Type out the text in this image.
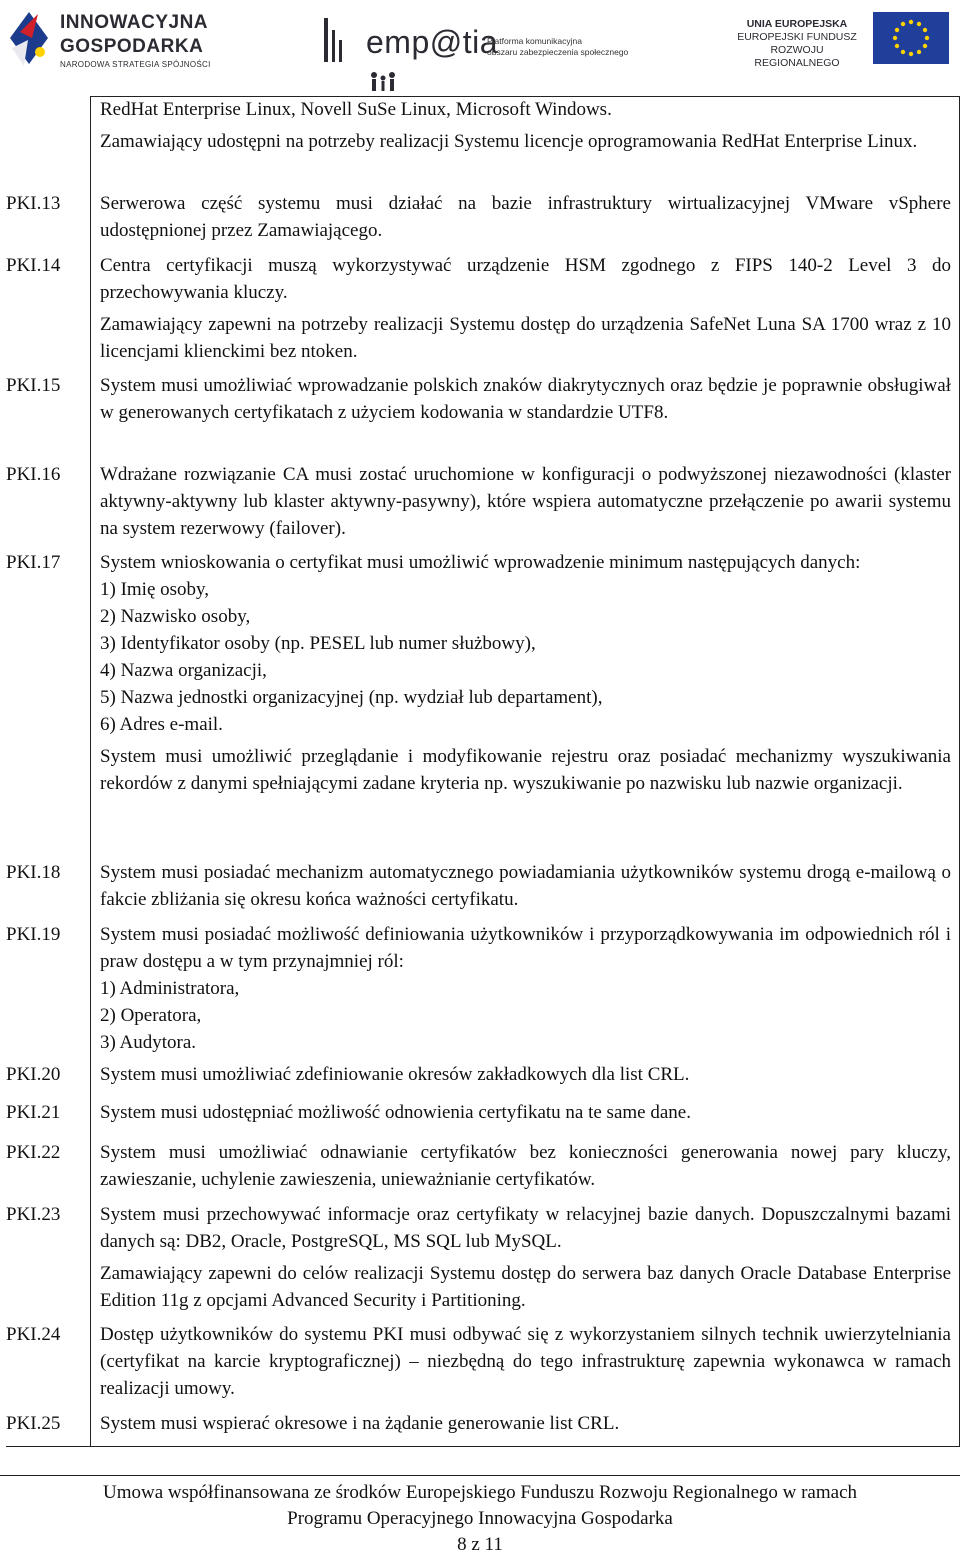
INNOWACYJNA
GOSPODARKA
NARODOWA STRATEGIA SPÓJNOŚCI
emp@tia
Platforma komunikacyjna
obszaru zabezpieczenia społecznego
UNIA EUROPEJSKA
EUROPEJSKI FUNDUSZ
ROZWOJU REGIONALNEGO

RedHat Enterprise Linux, Novell SuSe Linux, Microsoft Windows.

Zamawiający udostępni na potrzeby realizacji Systemu licencje oprogramowania RedHat Enterprise Linux.

PKI.13	Serwerowa część systemu musi działać na bazie infrastruktury wirtualizacyjnej VMware vSphere udostępnionej przez Zamawiającego.

PKI.14	Centra certyfikacji muszą wykorzystywać urządzenie HSM zgodnego z FIPS 140-2 Level 3 do przechowywania kluczy.

Zamawiający zapewni na potrzeby realizacji Systemu dostęp do urządzenia SafeNet Luna SA 1700 wraz z 10 licencjami klienckimi bez ntoken.

PKI.15	System musi umożliwiać wprowadzanie polskich znaków diakrytycznych oraz będzie je poprawnie obsługiwał w generowanych certyfikatach z użyciem kodowania w standardzie UTF8.

PKI.16	Wdrażane rozwiązanie CA musi zostać uruchomione w konfiguracji o podwyższonej niezawodności (klaster aktywny-aktywny lub klaster aktywny-pasywny), które wspiera automatyczne przełączenie po awarii systemu na system rezerwowy (failover).

PKI.17	System wnioskowania o certyfikat musi umożliwić wprowadzenie minimum następujących danych:

1) Imię osoby,
2) Nazwisko osoby,
3) Identyfikator osoby (np. PESEL lub numer służbowy),
4) Nazwa organizacji,
5) Nazwa jednostki organizacyjnej (np. wydział lub departament),
6) Adres e-mail.

System musi umożliwić przeglądanie i modyfikowanie rejestru oraz posiadać mechanizmy wyszukiwania rekordów z danymi spełniającymi zadane kryteria np. wyszukiwanie po nazwisku lub nazwie organizacji.

PKI.18	System musi posiadać mechanizm automatycznego powiadamiania użytkowników systemu drogą e-mailową o fakcie zbliżania się okresu końca ważności certyfikatu.

PKI.19	System musi posiadać możliwość definiowania użytkowników i przyporządkowywania im odpowiednich ról i praw dostępu a w tym przynajmniej ról:

1) Administratora,
2) Operatora,
3) Audytora.
PKI.20	System musi umożliwiać zdefiniowanie okresów zakładkowych dla list CRL.

PKI.21	System musi udostępniać możliwość odnowienia certyfikatu na te same dane.

PKI.22	System musi umożliwiać odnawianie certyfikatów bez konieczności generowania nowej pary kluczy, zawieszanie, uchylenie zawieszenia, unieważnianie certyfikatów.

PKI.23	System musi przechowywać informacje oraz certyfikaty w relacyjnej bazie danych. Dopuszczalnymi bazami danych są: DB2, Oracle, PostgreSQL, MS SQL lub MySQL.

Zamawiający zapewni do celów realizacji Systemu dostęp do serwera baz danych Oracle Database Enterprise Edition 11g z opcjami Advanced Security i Partitioning.

PKI.24	Dostęp użytkowników do systemu PKI musi odbywać się z wykorzystaniem silnych technik uwierzytelniania (certyfikat na karcie kryptograficznej) – niezbędną do tego infrastrukturę zapewnia wykonawca w ramach realizacji umowy.

PKI.25	System musi wspierać okresowe i na żądanie generowanie list CRL.

Umowa współfinansowana ze środków Europejskiego Funduszu Rozwoju Regionalnego w ramach
Programu Operacyjnego Innowacyjna Gospodarka
8 z 11
